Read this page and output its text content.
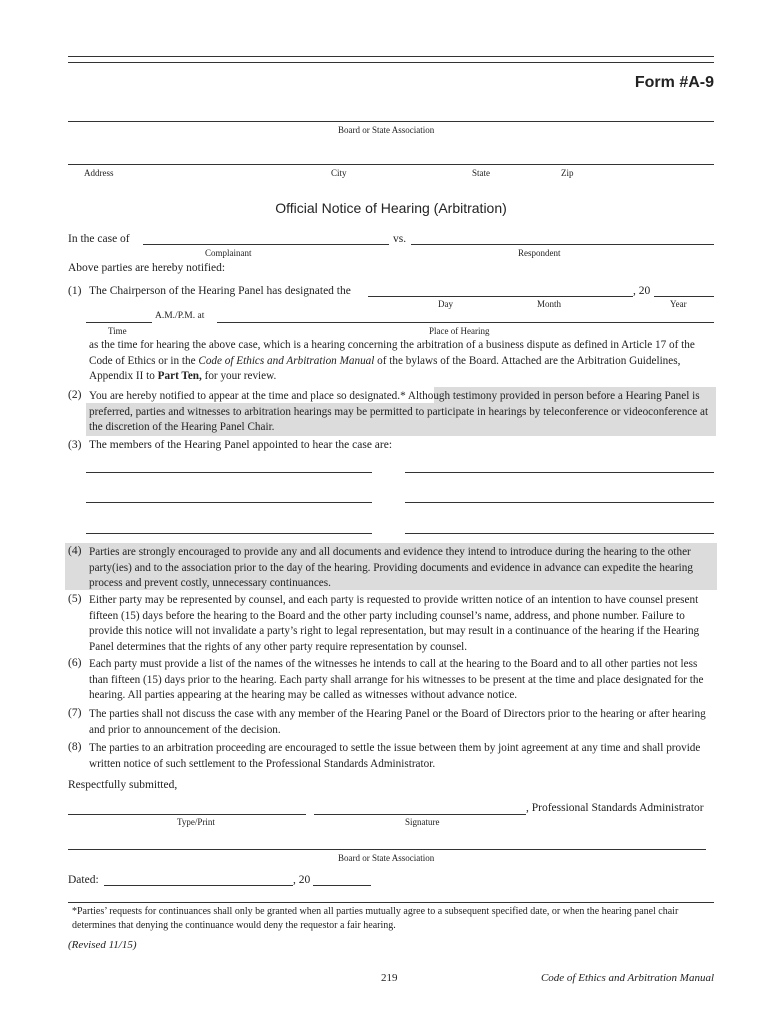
Form #A-9
Board or State Association
Address	City	State	Zip
Official Notice of Hearing (Arbitration)
In the case of	vs.
Complainant	Respondent
Above parties are hereby notified:
(1) The Chairperson of the Hearing Panel has designated the	, 20
Day	Month	Year
A.M./P.M. at
Time	Place of Hearing
as the time for hearing the above case, which is a hearing concerning the arbitration of a business dispute as defined in Article 17 of the Code of Ethics or in the Code of Ethics and Arbitration Manual of the bylaws of the Board. Attached are the Arbitration Guidelines, Appendix II to Part Ten, for your review.
(2) You are hereby notified to appear at the time and place so designated.* Although testimony provided in person before a Hearing Panel is preferred, parties and witnesses to arbitration hearings may be permitted to participate in hearings by teleconference or videoconference at the discretion of the Hearing Panel Chair.
(3) The members of the Hearing Panel appointed to hear the case are:
(4) Parties are strongly encouraged to provide any and all documents and evidence they intend to introduce during the hearing to the other party(ies) and to the association prior to the day of the hearing. Providing documents and evidence in advance can expedite the hearing process and prevent costly, unnecessary continuances.
(5) Either party may be represented by counsel, and each party is requested to provide written notice of an intention to have counsel present fifteen (15) days before the hearing to the Board and the other party including counsel’s name, address, and phone number. Failure to provide this notice will not invalidate a party’s right to legal representation, but may result in a continuance of the hearing if the Hearing Panel determines that the rights of any other party require representation by counsel.
(6) Each party must provide a list of the names of the witnesses he intends to call at the hearing to the Board and to all other parties not less than fifteen (15) days prior to the hearing. Each party shall arrange for his witnesses to be present at the time and place designated for the hearing. All parties appearing at the hearing may be called as witnesses without advance notice.
(7) The parties shall not discuss the case with any member of the Hearing Panel or the Board of Directors prior to the hearing or after hearing and prior to announcement of the decision.
(8) The parties to an arbitration proceeding are encouraged to settle the issue between them by joint agreement at any time and shall provide written notice of such settlement to the Professional Standards Administrator.
Respectfully submitted,
, Professional Standards Administrator
Type/Print	Signature
Board or State Association
Dated:	, 20
*Parties’ requests for continuances shall only be granted when all parties mutually agree to a subsequent specified date, or when the hearing panel chair determines that denying the continuance would deny the requestor a fair hearing.
(Revised 11/15)
219	Code of Ethics and Arbitration Manual
